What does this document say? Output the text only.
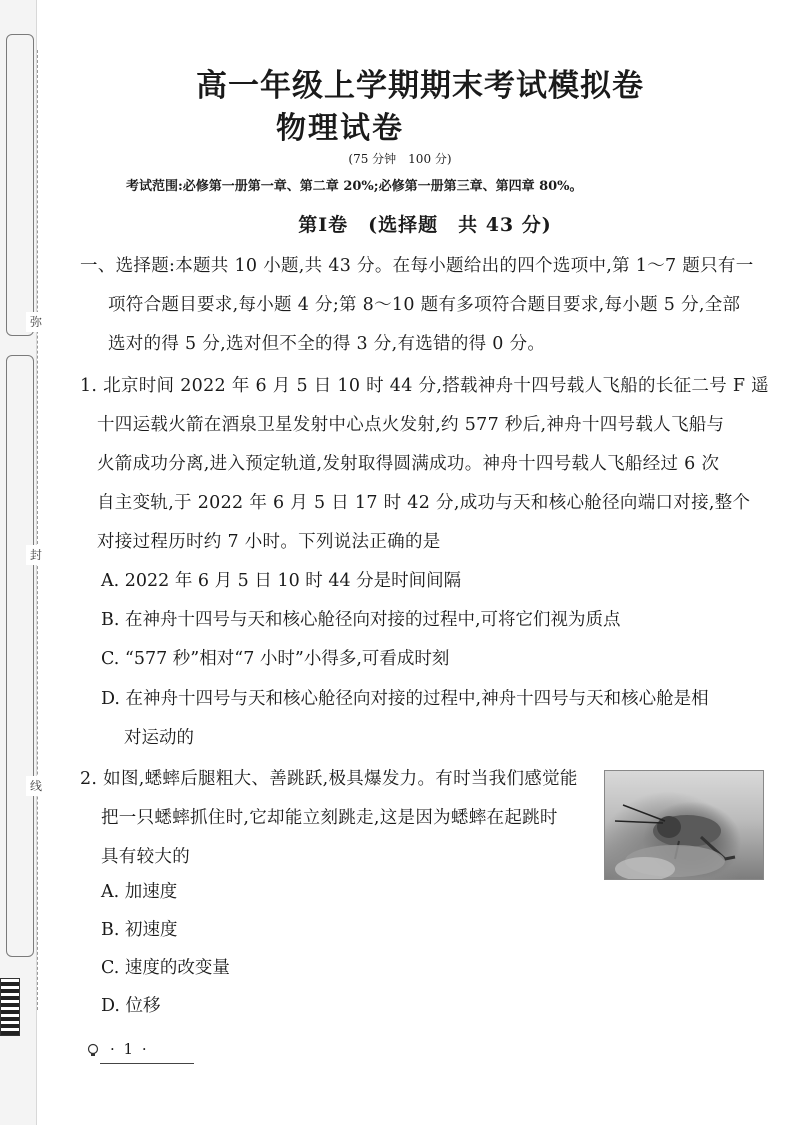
弥
封
线
高一年级上学期期末考试模拟卷
物理试卷
(75 分钟　100 分)
考试范围:必修第一册第一章、第二章 20%;必修第一册第三章、第四章 80%。
第Ⅰ卷　(选择题　共 43 分)
一、选择题:本题共 10 小题,共 43 分。在每小题给出的四个选项中,第 1～7 题只有一
项符合题目要求,每小题 4 分;第 8～10 题有多项符合题目要求,每小题 5 分,全部
选对的得 5 分,选对但不全的得 3 分,有选错的得 0 分。
1. 北京时间 2022 年 6 月 5 日 10 时 44 分,搭载神舟十四号载人飞船的长征二号 F 遥
十四运载火箭在酒泉卫星发射中心点火发射,约 577 秒后,神舟十四号载人飞船与
火箭成功分离,进入预定轨道,发射取得圆满成功。神舟十四号载人飞船经过 6 次
自主变轨,于 2022 年 6 月 5 日 17 时 42 分,成功与天和核心舱径向端口对接,整个
对接过程历时约 7 小时。下列说法正确的是
A. 2022 年 6 月 5 日 10 时 44 分是时间间隔
B. 在神舟十四号与天和核心舱径向对接的过程中,可将它们视为质点
C. “577 秒”相对“7 小时”小得多,可看成时刻
D. 在神舟十四号与天和核心舱径向对接的过程中,神舟十四号与天和核心舱是相
对运动的
2. 如图,蟋蟀后腿粗大、善跳跃,极具爆发力。有时当我们感觉能
把一只蟋蟀抓住时,它却能立刻跳走,这是因为蟋蟀在起跳时
具有较大的
A. 加速度
B. 初速度
C. 速度的改变量
D. 位移
· 1 ·
